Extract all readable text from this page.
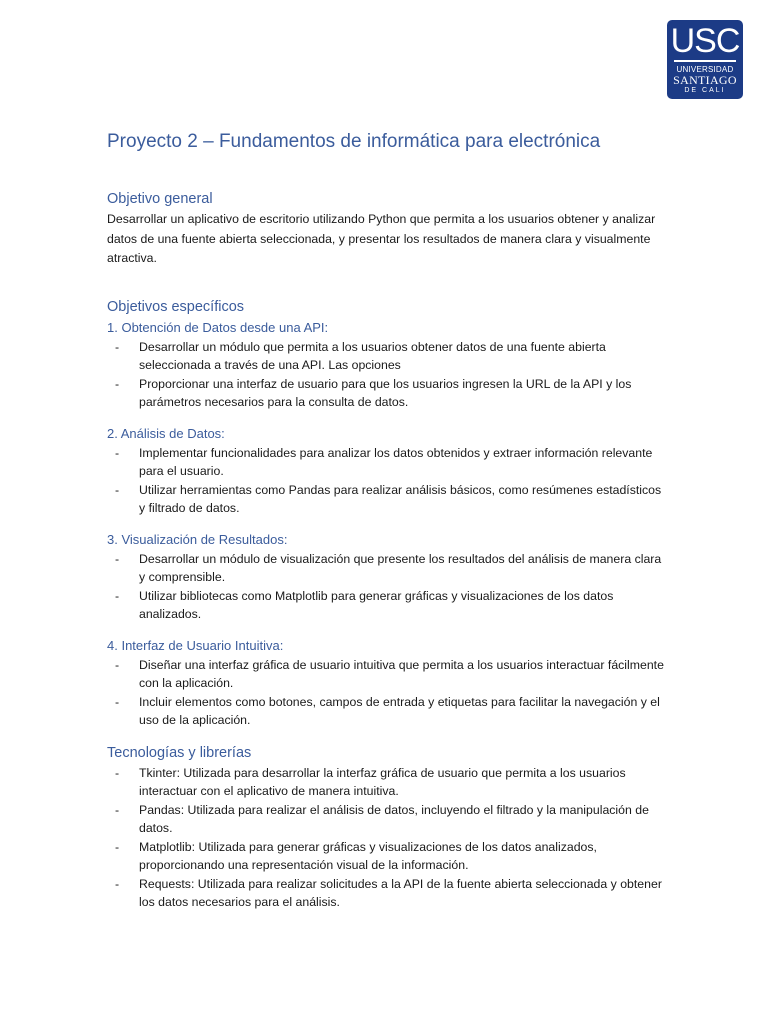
USC
UNIVERSIDAD
SANTIAGO
DE CALI
Proyecto 2 – Fundamentos de informática para electrónica
Objetivo general

Desarrollar un aplicativo de escritorio utilizando Python que permita a los usuarios obtener y analizar datos de una fuente abierta seleccionada, y presentar los resultados de manera clara y visualmente atractiva.

Objetivos específicos
1. Obtención de Datos desde una API:
- Desarrollar un módulo que permita a los usuarios obtener datos de una fuente abierta seleccionada a través de una API. Las opciones
- Proporcionar una interfaz de usuario para que los usuarios ingresen la URL de la API y los parámetros necesarios para la consulta de datos.
2. Análisis de Datos:
- Implementar funcionalidades para analizar los datos obtenidos y extraer información relevante para el usuario.
- Utilizar herramientas como Pandas para realizar análisis básicos, como resúmenes estadísticos y filtrado de datos.
3. Visualización de Resultados:
- Desarrollar un módulo de visualización que presente los resultados del análisis de manera clara y comprensible.
- Utilizar bibliotecas como Matplotlib para generar gráficas y visualizaciones de los datos analizados.
4. Interfaz de Usuario Intuitiva:
- Diseñar una interfaz gráfica de usuario intuitiva que permita a los usuarios interactuar fácilmente con la aplicación.
- Incluir elementos como botones, campos de entrada y etiquetas para facilitar la navegación y el uso de la aplicación.
Tecnologías y librerías
- Tkinter: Utilizada para desarrollar la interfaz gráfica de usuario que permita a los usuarios interactuar con el aplicativo de manera intuitiva.
- Pandas: Utilizada para realizar el análisis de datos, incluyendo el filtrado y la manipulación de datos.
- Matplotlib: Utilizada para generar gráficas y visualizaciones de los datos analizados, proporcionando una representación visual de la información.
- Requests: Utilizada para realizar solicitudes a la API de la fuente abierta seleccionada y obtener los datos necesarios para el análisis.
